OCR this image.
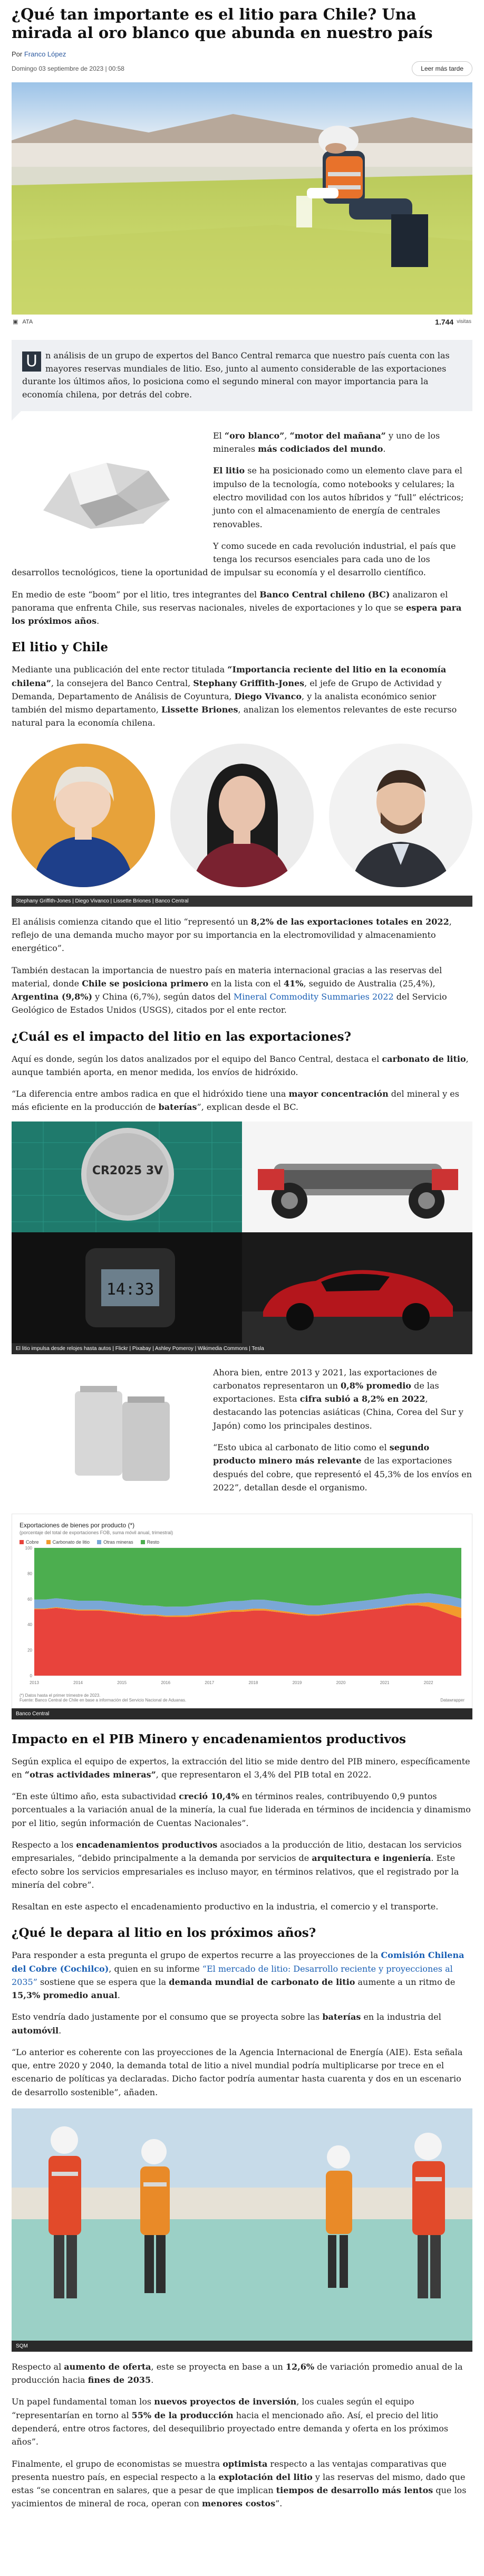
¿Qué tan importante es el litio para Chile? Una mirada al oro blanco que abunda en nuestro país
Por Franco López
Domingo 03 septiembre de 2023 | 00:58	Leer más tarde
▣ ATA	1.744 visitas
U n análisis de un grupo de expertos del Banco Central remarca que nuestro país cuenta con las mayores reservas mundiales de litio. Eso, junto al aumento considerable de las exportaciones durante los últimos años, lo posiciona como el segundo mineral con mayor importancia para la economía chilena, por detrás del cobre.

El “oro blanco”, “motor del mañana” y uno de los minerales más codiciados del mundo.

El litio se ha posicionado como un elemento clave para el impulso de la tecnología, como notebooks y celulares; la electro movilidad con los autos híbridos y “full” eléctricos; junto con el almacenamiento de energía de centrales renovables.

Y como sucede en cada revolución industrial, el país que tenga los recursos esenciales para cada uno de los desarrollos tecnológicos, tiene la oportunidad de impulsar su economía y el desarrollo científico.

En medio de este “boom” por el litio, tres integrantes del Banco Central chileno (BC) analizaron el panorama que enfrenta Chile, sus reservas nacionales, niveles de exportaciones y lo que se espera para los próximos años.

El litio y Chile

Mediante una publicación del ente rector titulada “Importancia reciente del litio en la economía chilena”, la consejera del Banco Central, Stephany Griffith-Jones, el jefe de Grupo de Actividad y Demanda, Departamento de Análisis de Coyuntura, Diego Vivanco, y la analista económico senior también del mismo departamento, Lissette Briones, analizan los elementos relevantes de este recurso natural para la economía chilena.

Stephany Griffith-Jones | Diego Vivanco | Lissette Briones | Banco Central

El análisis comienza citando que el litio “representó un 8,2% de las exportaciones totales en 2022, reflejo de una demanda mucho mayor por su importancia en la electromovilidad y almacenamiento energético”.

También destacan la importancia de nuestro país en materia internacional gracias a las reservas del material, donde Chile se posiciona primero en la lista con el 41%, seguido de Australia (25,4%), Argentina (9,8%) y China (6,7%), según datos del Mineral Commodity Summaries 2022 del Servicio Geológico de Estados Unidos (USGS), citados por el ente rector.

¿Cuál es el impacto del litio en las exportaciones?

Aquí es donde, según los datos analizados por el equipo del Banco Central, destaca el carbonato de litio, aunque también aporta, en menor medida, los envíos de hidróxido.

“La diferencia entre ambos radica en que el hidróxido tiene una mayor concentración del mineral y es más eficiente en la producción de baterías”, explican desde el BC.

CR2025 3V
14:33
El litio impulsa desde relojes hasta autos | Flickr | Pixabay | Ashley Pomeroy | Wikimedia Commons | Tesla

Ahora bien, entre 2013 y 2021, las exportaciones de carbonatos representaron un 0,8% promedio de las exportaciones. Esta cifra subió a 8,2% en 2022, destacando las potencias asiáticas (China, Corea del Sur y Japón) como los principales destinos.

“Esto ubica al carbonato de litio como el segundo producto minero más relevante de las exportaciones después del cobre, que representó el 45,3% de los envíos en 2022”, detallan desde el organismo.

Exportaciones de bienes por producto (*)
(porcentaje del total de exportaciones FOB, suma móvil anual, trimestral)
Cobre	Carbonato de litio	Otras mineras	Resto
0
20
40
60
80
100
2013	2014	2015	2016	2017	2018	2019	2020	2021	2022
(*) Datos hasta el primer trimestre de 2023.
Fuente: Banco Central de Chile en base a información del Servicio Nacional de Aduanas.	Datawrapper
Banco Central
Impacto en el PIB Minero y encadenamientos productivos

Según explica el equipo de expertos, la extracción del litio se mide dentro del PIB minero, específicamente en “otras actividades mineras”, que representaron el 3,4% del PIB total en 2022.

“En este último año, esta subactividad creció 10,4% en términos reales, contribuyendo 0,9 puntos porcentuales a la variación anual de la minería, la cual fue liderada en términos de incidencia y dinamismo por el litio, según información de Cuentas Nacionales”.

Respecto a los encadenamientos productivos asociados a la producción de litio, destacan los servicios empresariales, “debido principalmente a la demanda por servicios de arquitectura e ingeniería. Este efecto sobre los servicios empresariales es incluso mayor, en términos relativos, que el registrado por la minería del cobre”.

Resaltan en este aspecto el encadenamiento productivo en la industria, el comercio y el transporte.

¿Qué le depara al litio en los próximos años?

Para responder a esta pregunta el grupo de expertos recurre a las proyecciones de la Comisión Chilena del Cobre (Cochilco), quien en su informe “El mercado de litio: Desarrollo reciente y proyecciones al 2035” sostiene que se espera que la demanda mundial de carbonato de litio aumente a un ritmo de 15,3% promedio anual.

Esto vendría dado justamente por el consumo que se proyecta sobre las baterías en la industria del automóvil.

“Lo anterior es coherente con las proyecciones de la Agencia Internacional de Energía (AIE). Esta señala que, entre 2020 y 2040, la demanda total de litio a nivel mundial podría multiplicarse por trece en el escenario de políticas ya declaradas. Dicho factor podría aumentar hasta cuarenta y dos en un escenario de desarrollo sostenible”, añaden.

SQM

Respecto al aumento de oferta, este se proyecta en base a un 12,6% de variación promedio anual de la producción hacia fines de 2035.

Un papel fundamental toman los nuevos proyectos de inversión, los cuales según el equipo “representarían en torno al 55% de la producción hacia el mencionado año. Así, el precio del litio dependerá, entre otros factores, del desequilibrio proyectado entre demanda y oferta en los próximos años”.

Finalmente, el grupo de economistas se muestra optimista respecto a las ventajas comparativas que presenta nuestro país, en especial respecto a la explotación del litio y las reservas del mismo, dado que estas “se concentran en salares, que a pesar de que implican tiempos de desarrollo más lentos que los yacimientos de mineral de roca, operan con menores costos”.
